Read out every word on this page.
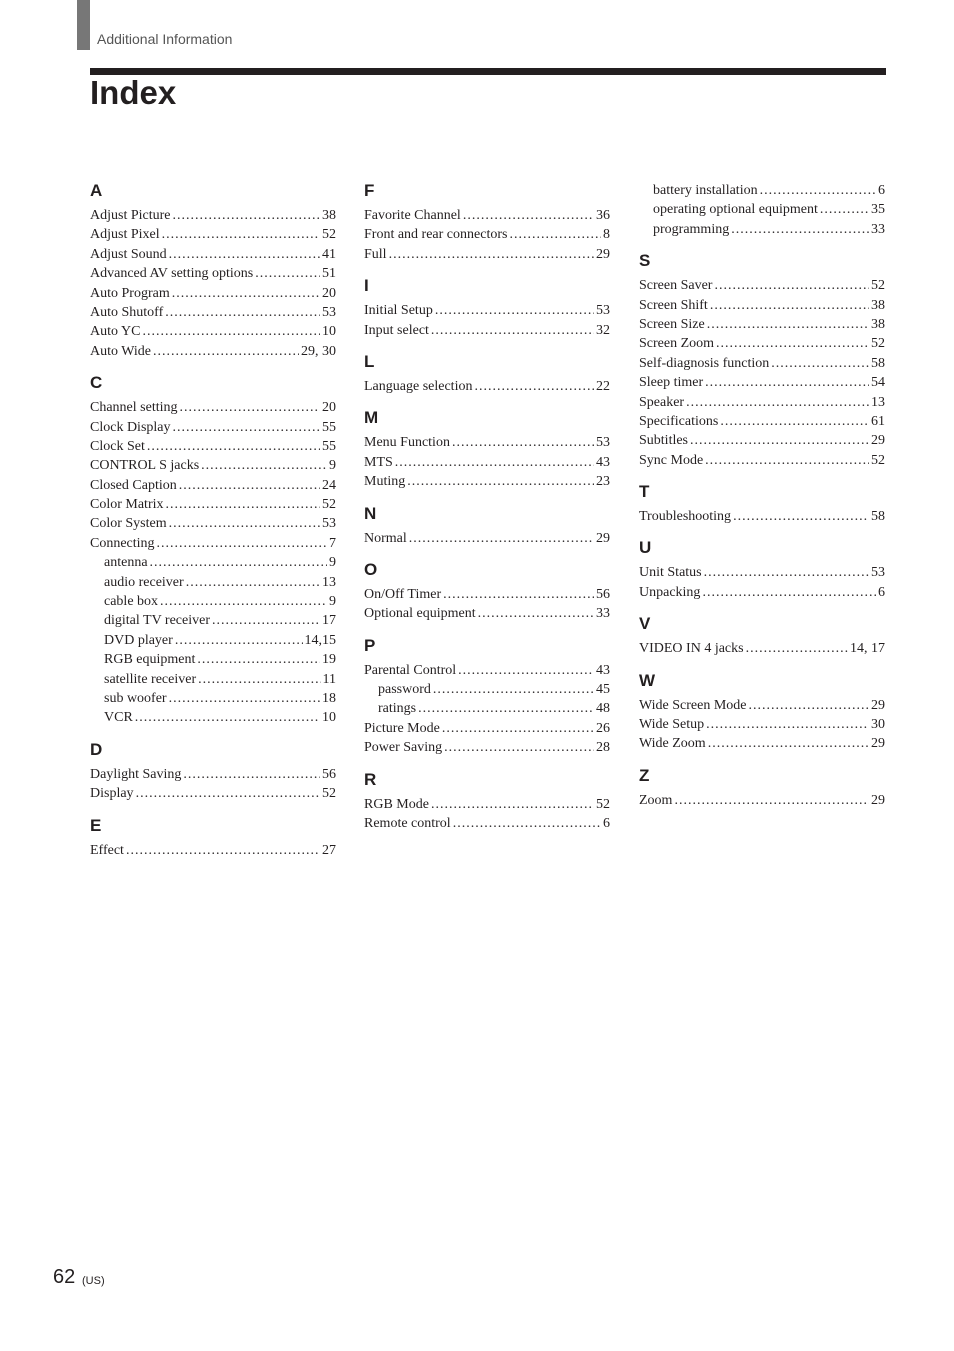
Additional Information
Index
A
Adjust Picture .....	38
Adjust Pixel .....	52
Adjust Sound .....	41
Advanced AV setting options .....	51
Auto Program .....	20
Auto Shutoff .....	53
Auto YC .....	10
Auto Wide .....	29, 30
C
Channel setting .....	20
Clock Display .....	55
Clock Set .....	55
CONTROL S jacks .....	9
Closed Caption .....	24
Color Matrix .....	52
Color System .....	53
Connecting .....	7
antenna .....	9
audio receiver .....	13
cable box .....	9
digital TV receiver .....	17
DVD player .....	14,15
RGB equipment .....	19
satellite receiver .....	11
sub woofer .....	18
VCR .....	10
D
Daylight Saving .....	56
Display .....	52
E
Effect .....	27
F
Favorite Channel .....	36
Front and rear connectors .....	8
Full .....	29
I
Initial Setup .....	53
Input select .....	32
L
Language selection .....	22
M
Menu Function .....	53
MTS .....	43
Muting .....	23
N
Normal .....	29
O
On/Off Timer .....	56
Optional equipment .....	33
P
Parental Control .....	43
password .....	45
ratings .....	48
Picture Mode .....	26
Power Saving .....	28
R
RGB Mode .....	52
Remote control .....	6
battery installation .....	6
operating optional equipment .....	35
programming .....	33
S
Screen Saver .....	52
Screen Shift .....	38
Screen Size .....	38
Screen Zoom .....	52
Self-diagnosis function .....	58
Sleep timer .....	54
Speaker .....	13
Specifications .....	61
Subtitles .....	29
Sync Mode .....	52
T
Troubleshooting .....	58
U
Unit Status .....	53
Unpacking .....	6
V
VIDEO IN 4 jacks .....	14, 17
W
Wide Screen Mode .....	29
Wide Setup .....	30
Wide Zoom .....	29
Z
Zoom .....	29
62 (US)
